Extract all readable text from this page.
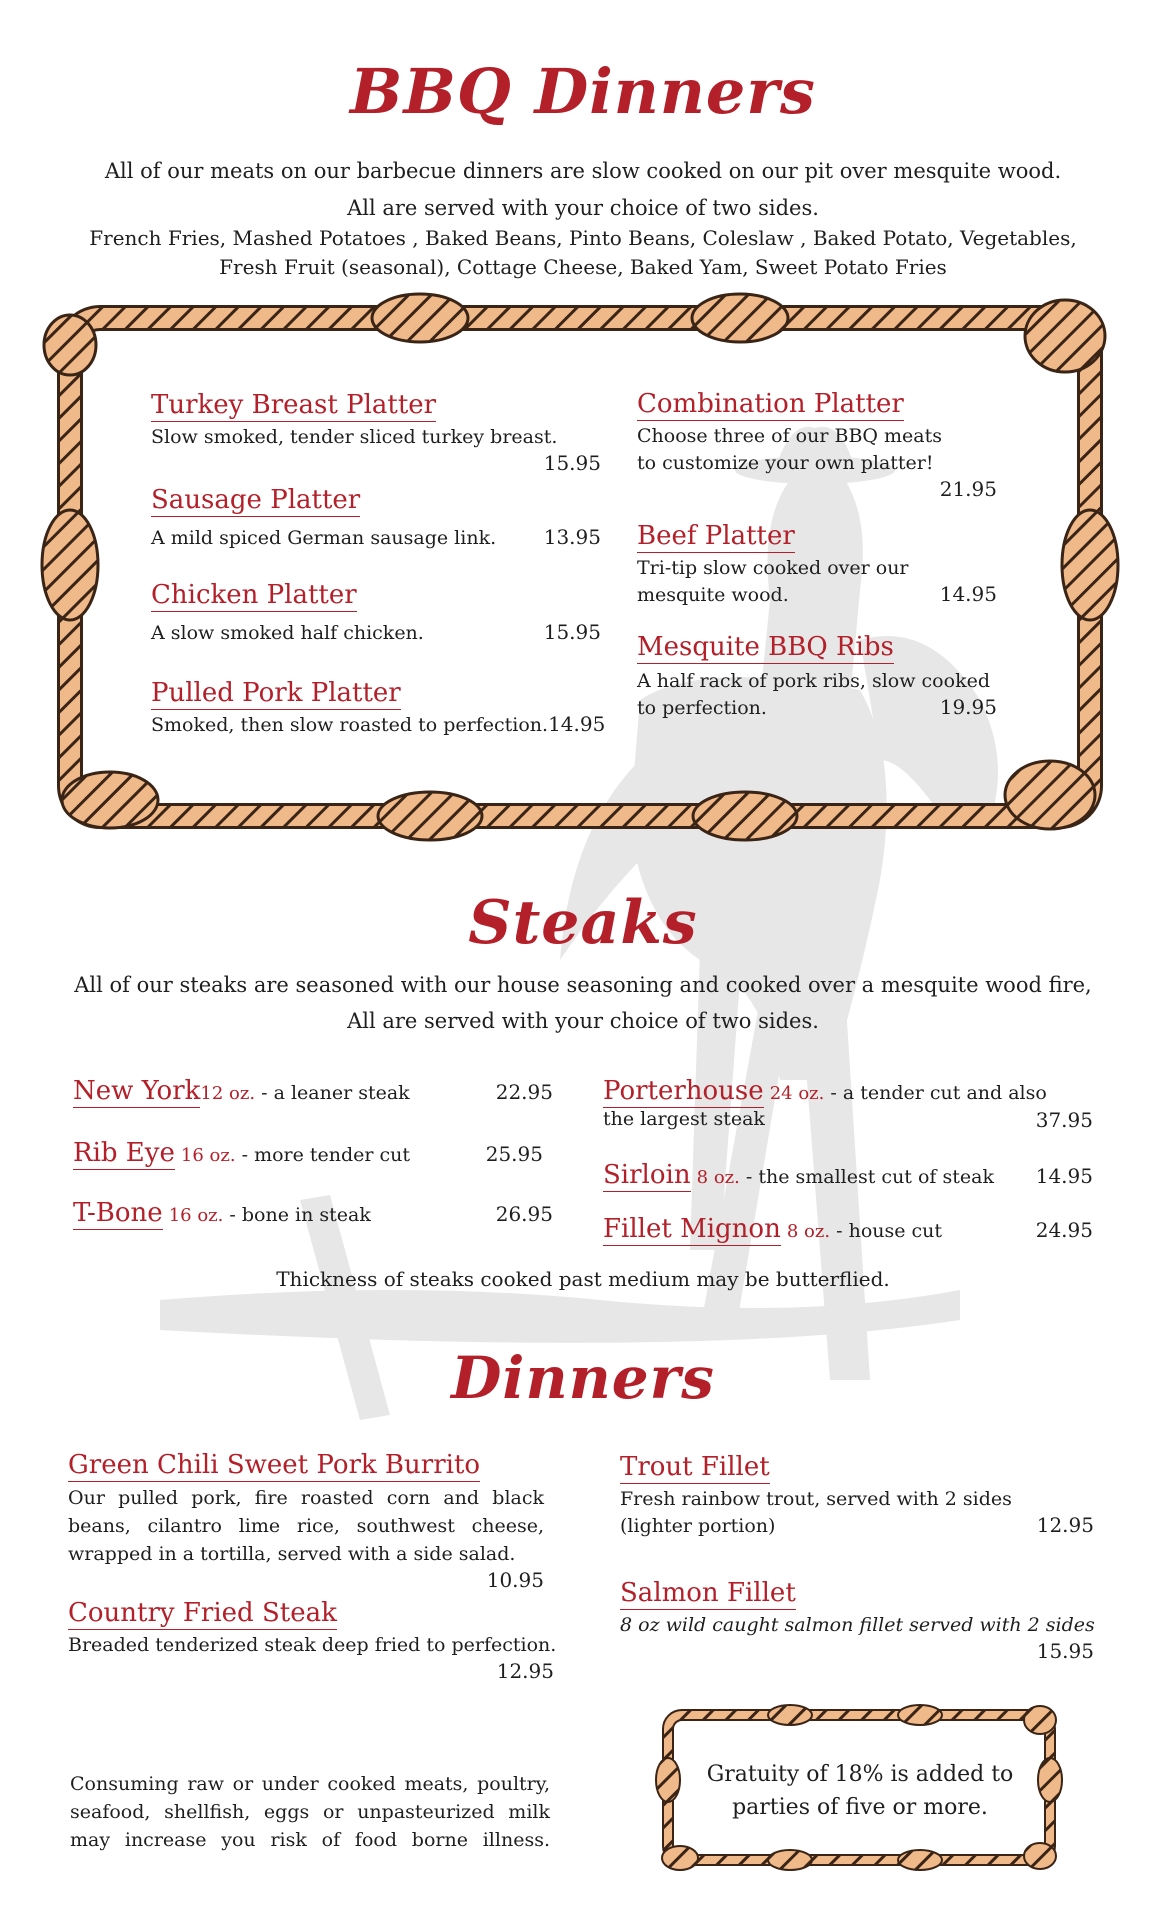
BBQ Dinners
All of our meats on our barbecue dinners are slow cooked on our pit over mesquite wood.
All are served with your choice of two sides.
French Fries, Mashed Potatoes , Baked Beans, Pinto Beans, Coleslaw , Baked Potato, Vegetables,
Fresh Fruit (seasonal), Cottage Cheese, Baked Yam, Sweet Potato Fries
Turkey Breast Platter
Slow smoked, tender sliced turkey breast.
15.95
Sausage Platter
A mild spiced German sausage link. 13.95
Chicken Platter
A slow smoked half chicken.	15.95
Pulled Pork Platter
Smoked, then slow roasted to perfection. 14.95
Combination Platter
Choose three of our BBQ meats
to customize your own platter!
21.95
Beef Platter
Tri-tip slow cooked over our
mesquite wood.	14.95
Mesquite BBQ Ribs
A half rack of pork ribs, slow cooked
to perfection.	19.95
Steaks
All of our steaks are seasoned with our house seasoning and cooked over a mesquite wood fire,
All are served with your choice of two sides.
New York12 oz. - a leaner steak	22.95
Rib Eye 16 oz. - more tender cut	25.95
T-Bone 16 oz. - bone in steak	26.95
Porterhouse 24 oz. - a tender cut and also
the largest steak	37.95
Sirloin 8 oz. - the smallest cut of steak 14.95
Fillet Mignon 8 oz. - house cut	24.95
Thickness of steaks cooked past medium may be butterflied.
Dinners
Green Chili Sweet Pork Burrito
Our pulled pork, fire roasted corn and black
beans, cilantro lime rice, southwest cheese,
wrapped in a tortilla, served with a side salad.
10.95
Country Fried Steak
Breaded tenderized steak deep fried to perfection.
12.95
Trout Fillet
Fresh rainbow trout, served with 2 sides
(lighter portion)	12.95
Salmon Fillet
8 oz wild caught salmon fillet served with 2 sides
15.95
Consuming raw or under cooked meats, poultry,
seafood, shellfish, eggs or unpasteurized milk
may increase you risk of food borne illness.
Gratuity of 18% is added to
parties of five or more.
